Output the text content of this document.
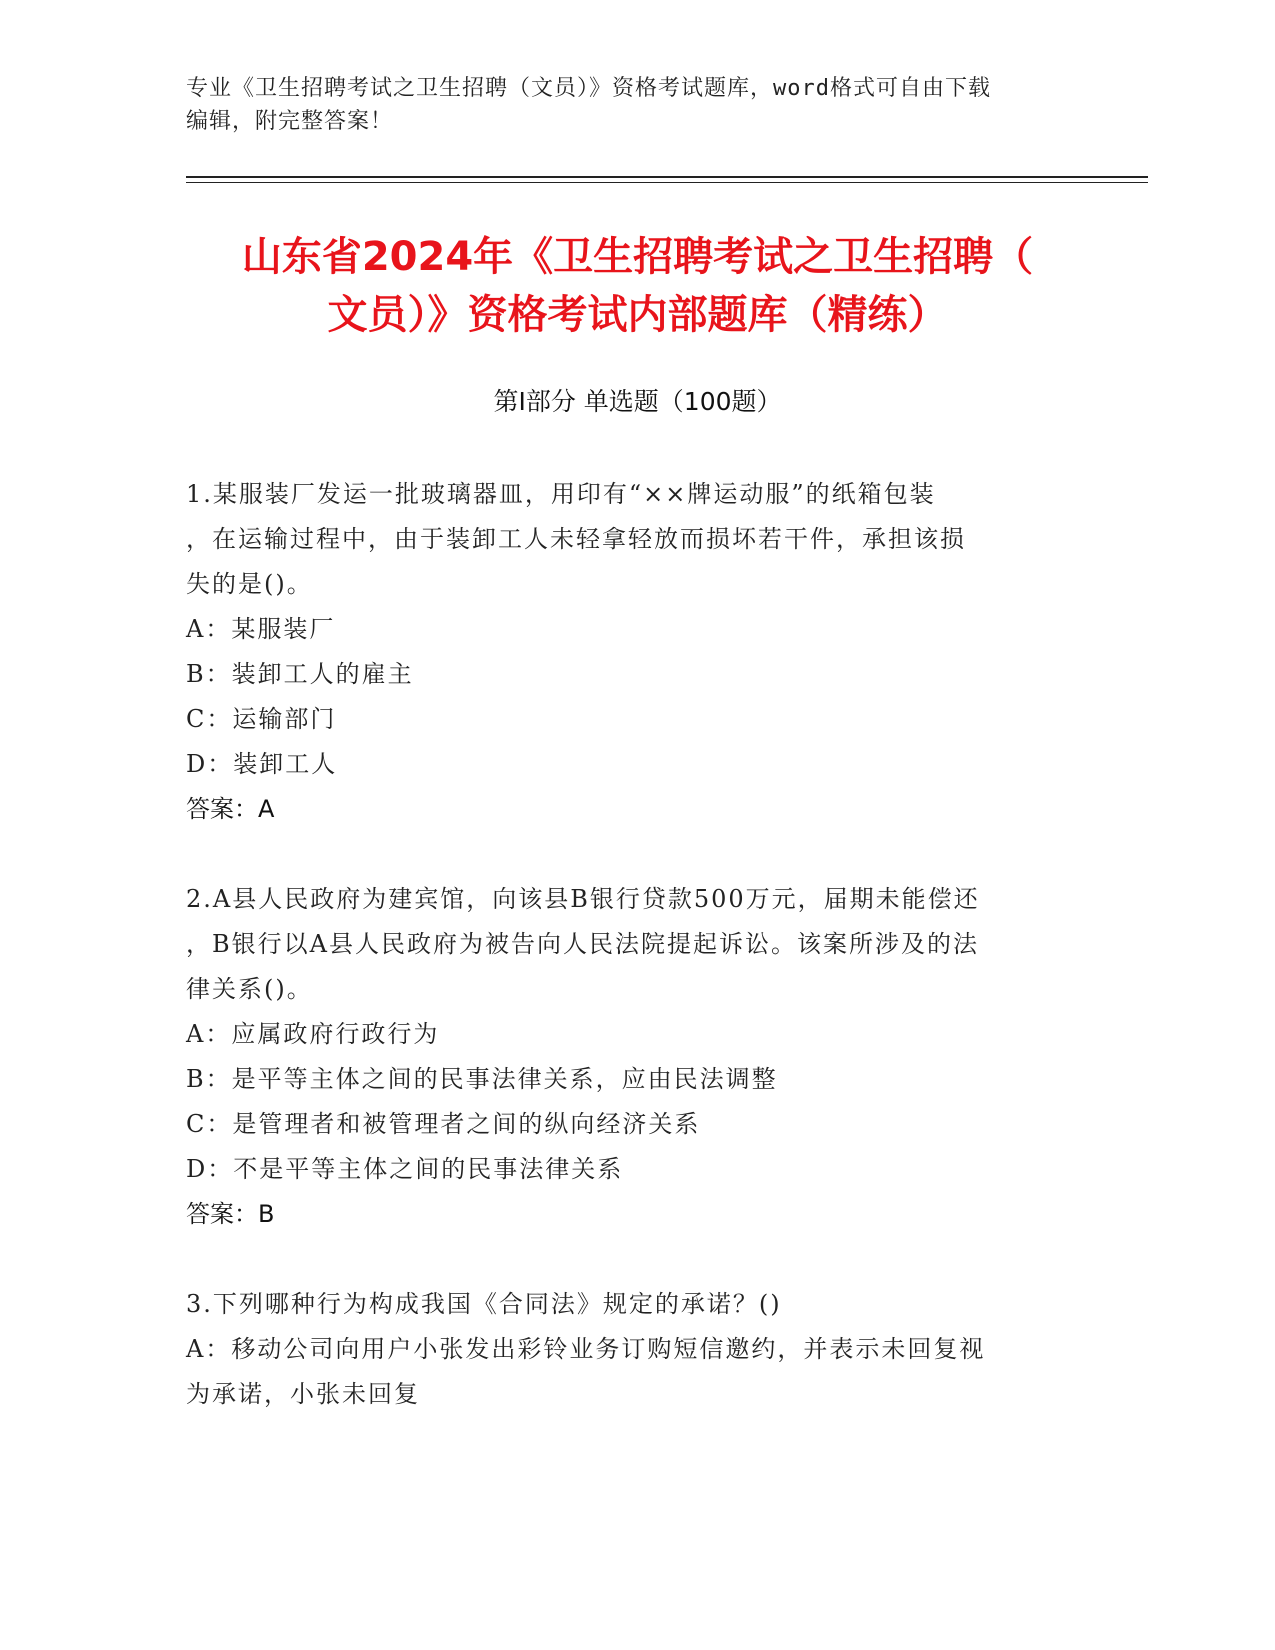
专业《卫生招聘考试之卫生招聘（文员）》资格考试题库，word格式可自由下载
编辑，附完整答案！
山东省2024年《卫生招聘考试之卫生招聘（
文员）》资格考试内部题库（精练）
第I部分 单选题（100题）
1.某服装厂发运一批玻璃器皿，用印有“××牌运动服”的纸箱包装
，在运输过程中，由于装卸工人未轻拿轻放而损坏若干件，承担该损
失的是()。
A：某服装厂
B：装卸工人的雇主
C：运输部门
D：装卸工人
答案：A
2.A县人民政府为建宾馆，向该县B银行贷款500万元，届期未能偿还
，B银行以A县人民政府为被告向人民法院提起诉讼。该案所涉及的法
律关系()。
A：应属政府行政行为
B：是平等主体之间的民事法律关系，应由民法调整
C：是管理者和被管理者之间的纵向经济关系
D：不是平等主体之间的民事法律关系
答案：B
3.下列哪种行为构成我国《合同法》规定的承诺？()
A：移动公司向用户小张发出彩铃业务订购短信邀约，并表示未回复视
为承诺，小张未回复
